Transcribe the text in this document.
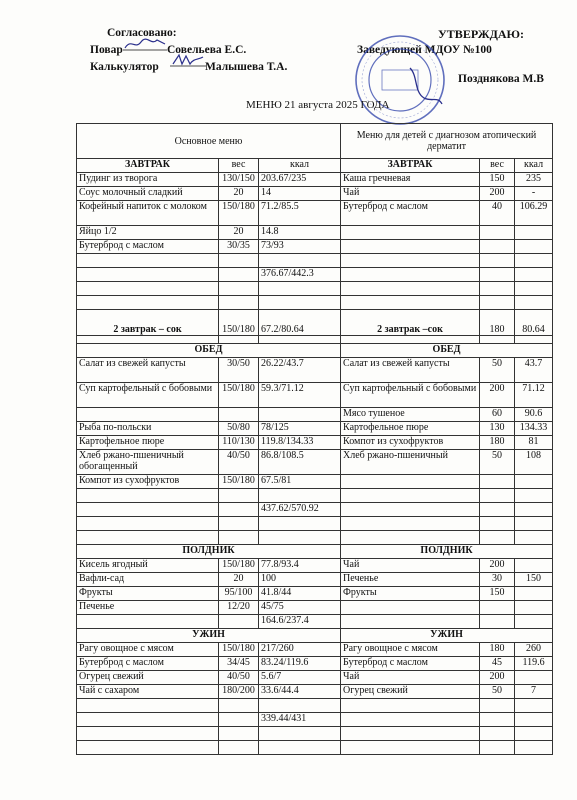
Согласовано:
Повар	Совельева Е.С.
Калькулятор	Малышева Т.А.
УТВЕРЖДАЮ:
Заведующей МДОУ №100
Позднякова М.В
МЕНЮ 21 августа 2025 ГОДА
Основное меню			Меню для детей с диагнозом атопический дерматит		
ЗАВТРАК	вес	ккал	ЗАВТРАК	вес	ккал
Пудинг из творога	130/150	203.67/235	Каша гречневая	150	235
Соус молочный сладкий	20	14	Чай	200	-
Кофейный напиток с молоком	150/180	71.2/85.5	Бутерброд с маслом	40	106.29
Яйцо 1/2	20	14.8			
Бутерброд с маслом	30/35	73/93			

		376.67/442.3			

2 завтрак – сок	150/180	67.2/80.64	2 завтрак –сок	180	80.64

ОБЕД			ОБЕД		
Салат из свежей капусты	30/50	26.22/43.7	Салат из свежей капусты	50	43.7
Суп картофельный с бобовыми	150/180	59.3/71.12	Суп картофельный с бобовыми	200	71.12
			Мясо тушеное	60	90.6
Рыба по-польски	50/80	78/125	Картофельное пюре	130	134.33
Картофельное пюре	110/130	119.8/134.33	Компот из сухофруктов	180	81
Хлеб ржано-пшеничный обогащенный	40/50	86.8/108.5	Хлеб ржано-пшеничный	50	108
Компот из сухофруктов	150/180	67.5/81			

		437.62/570.92			

ПОЛДНИК			ПОЛДНИК		
Кисель ягодный	150/180	77.8/93.4	Чай	200	
Вафли-сад	20	100	Печенье	30	150
Фрукты	95/100	41.8/44	Фрукты	150	
Печенье	12/20	45/75			
		164.6/237.4			
УЖИН			УЖИН		
Рагу овощное с мясом	150/180	217/260	Рагу овощное с мясом	180	260
Бутерброд с маслом	34/45	83.24/119.6	Бутерброд с маслом	45	119.6
Огурец свежий	40/50	5.6/7	Чай	200	
Чай с сахаром	180/200	33.6/44.4	Огурец свежий	50	7

		339.44/431			
